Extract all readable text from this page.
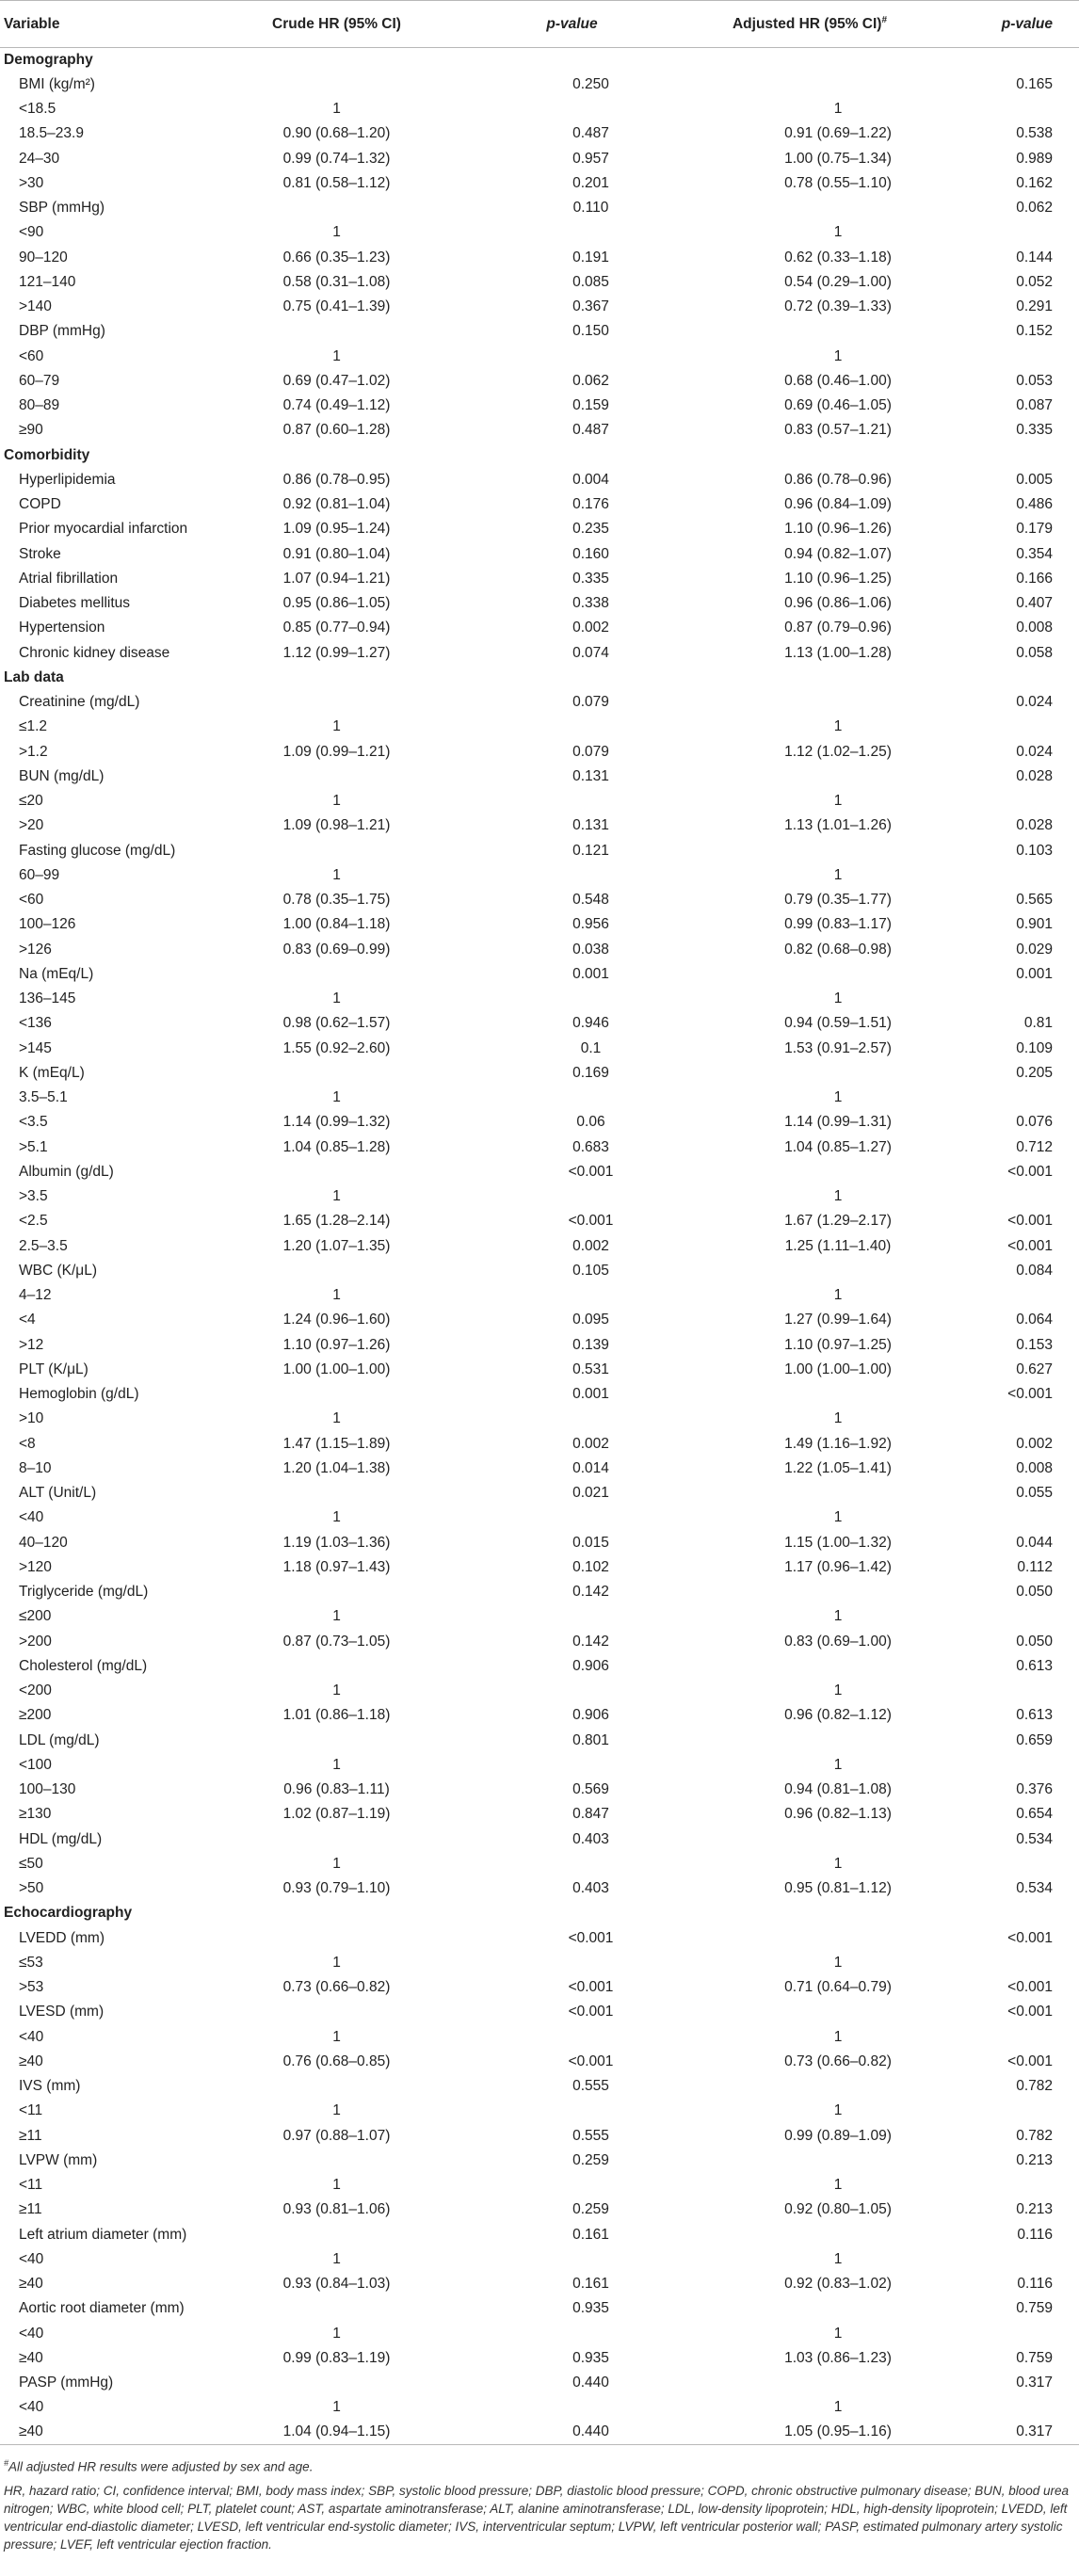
Variable	Crude HR (95% CI)	p-value	Adjusted HR (95% CI)#	p-value
Demography				
BMI (kg/m²)		0.250		0.165
<18.5	1		1	
18.5–23.9	0.90 (0.68–1.20)	0.487	0.91 (0.69–1.22)	0.538
24–30	0.99 (0.74–1.32)	0.957	1.00 (0.75–1.34)	0.989
>30	0.81 (0.58–1.12)	0.201	0.78 (0.55–1.10)	0.162
SBP (mmHg)		0.110		0.062
<90	1		1	
90–120	0.66 (0.35–1.23)	0.191	0.62 (0.33–1.18)	0.144
121–140	0.58 (0.31–1.08)	0.085	0.54 (0.29–1.00)	0.052
>140	0.75 (0.41–1.39)	0.367	0.72 (0.39–1.33)	0.291
DBP (mmHg)		0.150		0.152
<60	1		1	
60–79	0.69 (0.47–1.02)	0.062	0.68 (0.46–1.00)	0.053
80–89	0.74 (0.49–1.12)	0.159	0.69 (0.46–1.05)	0.087
≥90	0.87 (0.60–1.28)	0.487	0.83 (0.57–1.21)	0.335
Comorbidity				
Hyperlipidemia	0.86 (0.78–0.95)	0.004	0.86 (0.78–0.96)	0.005
COPD	0.92 (0.81–1.04)	0.176	0.96 (0.84–1.09)	0.486
Prior myocardial infarction	1.09 (0.95–1.24)	0.235	1.10 (0.96–1.26)	0.179
Stroke	0.91 (0.80–1.04)	0.160	0.94 (0.82–1.07)	0.354
Atrial fibrillation	1.07 (0.94–1.21)	0.335	1.10 (0.96–1.25)	0.166
Diabetes mellitus	0.95 (0.86–1.05)	0.338	0.96 (0.86–1.06)	0.407
Hypertension	0.85 (0.77–0.94)	0.002	0.87 (0.79–0.96)	0.008
Chronic kidney disease	1.12 (0.99–1.27)	0.074	1.13 (1.00–1.28)	0.058
Lab data				
Creatinine (mg/dL)		0.079		0.024
≤1.2	1		1	
>1.2	1.09 (0.99–1.21)	0.079	1.12 (1.02–1.25)	0.024
BUN (mg/dL)		0.131		0.028
≤20	1		1	
>20	1.09 (0.98–1.21)	0.131	1.13 (1.01–1.26)	0.028
Fasting glucose (mg/dL)		0.121		0.103
60–99	1		1	
<60	0.78 (0.35–1.75)	0.548	0.79 (0.35–1.77)	0.565
100–126	1.00 (0.84–1.18)	0.956	0.99 (0.83–1.17)	0.901
>126	0.83 (0.69–0.99)	0.038	0.82 (0.68–0.98)	0.029
Na (mEq/L)		0.001		0.001
136–145	1		1	
<136	0.98 (0.62–1.57)	0.946	0.94 (0.59–1.51)	0.81
>145	1.55 (0.92–2.60)	0.1	1.53 (0.91–2.57)	0.109
K (mEq/L)		0.169		0.205
3.5–5.1	1		1	
<3.5	1.14 (0.99–1.32)	0.06	1.14 (0.99–1.31)	0.076
>5.1	1.04 (0.85–1.28)	0.683	1.04 (0.85–1.27)	0.712
Albumin (g/dL)		<0.001		<0.001
>3.5	1		1	
<2.5	1.65 (1.28–2.14)	<0.001	1.67 (1.29–2.17)	<0.001
2.5–3.5	1.20 (1.07–1.35)	0.002	1.25 (1.11–1.40)	<0.001
WBC (K/μL)		0.105		0.084
4–12	1		1	
<4	1.24 (0.96–1.60)	0.095	1.27 (0.99–1.64)	0.064
>12	1.10 (0.97–1.26)	0.139	1.10 (0.97–1.25)	0.153
PLT (K/μL)	1.00 (1.00–1.00)	0.531	1.00 (1.00–1.00)	0.627
Hemoglobin (g/dL)		0.001		<0.001
>10	1		1	
<8	1.47 (1.15–1.89)	0.002	1.49 (1.16–1.92)	0.002
8–10	1.20 (1.04–1.38)	0.014	1.22 (1.05–1.41)	0.008
ALT (Unit/L)		0.021		0.055
<40	1		1	
40–120	1.19 (1.03–1.36)	0.015	1.15 (1.00–1.32)	0.044
>120	1.18 (0.97–1.43)	0.102	1.17 (0.96–1.42)	0.112
Triglyceride (mg/dL)		0.142		0.050
≤200	1		1	
>200	0.87 (0.73–1.05)	0.142	0.83 (0.69–1.00)	0.050
Cholesterol (mg/dL)		0.906		0.613
<200	1		1	
≥200	1.01 (0.86–1.18)	0.906	0.96 (0.82–1.12)	0.613
LDL (mg/dL)		0.801		0.659
<100	1		1	
100–130	0.96 (0.83–1.11)	0.569	0.94 (0.81–1.08)	0.376
≥130	1.02 (0.87–1.19)	0.847	0.96 (0.82–1.13)	0.654
HDL (mg/dL)		0.403		0.534
≤50	1		1	
>50	0.93 (0.79–1.10)	0.403	0.95 (0.81–1.12)	0.534
Echocardiography				
LVEDD (mm)		<0.001		<0.001
≤53	1		1	
>53	0.73 (0.66–0.82)	<0.001	0.71 (0.64–0.79)	<0.001
LVESD (mm)		<0.001		<0.001
<40	1		1	
≥40	0.76 (0.68–0.85)	<0.001	0.73 (0.66–0.82)	<0.001
IVS (mm)		0.555		0.782
<11	1		1	
≥11	0.97 (0.88–1.07)	0.555	0.99 (0.89–1.09)	0.782
LVPW (mm)		0.259		0.213
<11	1		1	
≥11	0.93 (0.81–1.06)	0.259	0.92 (0.80–1.05)	0.213
Left atrium diameter (mm)		0.161		0.116
<40	1		1	
≥40	0.93 (0.84–1.03)	0.161	0.92 (0.83–1.02)	0.116
Aortic root diameter (mm)		0.935		0.759
<40	1		1	
≥40	0.99 (0.83–1.19)	0.935	1.03 (0.86–1.23)	0.759
PASP (mmHg)		0.440		0.317
<40	1		1	
≥40	1.04 (0.94–1.15)	0.440	1.05 (0.95–1.16)	0.317

#All adjusted HR results were adjusted by sex and age.

HR, hazard ratio; CI, confidence interval; BMI, body mass index; SBP, systolic blood pressure; DBP, diastolic blood pressure; COPD, chronic obstructive pulmonary disease; BUN, blood urea nitrogen; WBC, white blood cell; PLT, platelet count; AST, aspartate aminotransferase; ALT, alanine aminotransferase; LDL, low-density lipoprotein; HDL, high-density lipoprotein; LVEDD, left ventricular end-diastolic diameter; LVESD, left ventricular end-systolic diameter; IVS, interventricular septum; LVPW, left ventricular posterior wall; PASP, estimated pulmonary artery systolic pressure; LVEF, left ventricular ejection fraction.
